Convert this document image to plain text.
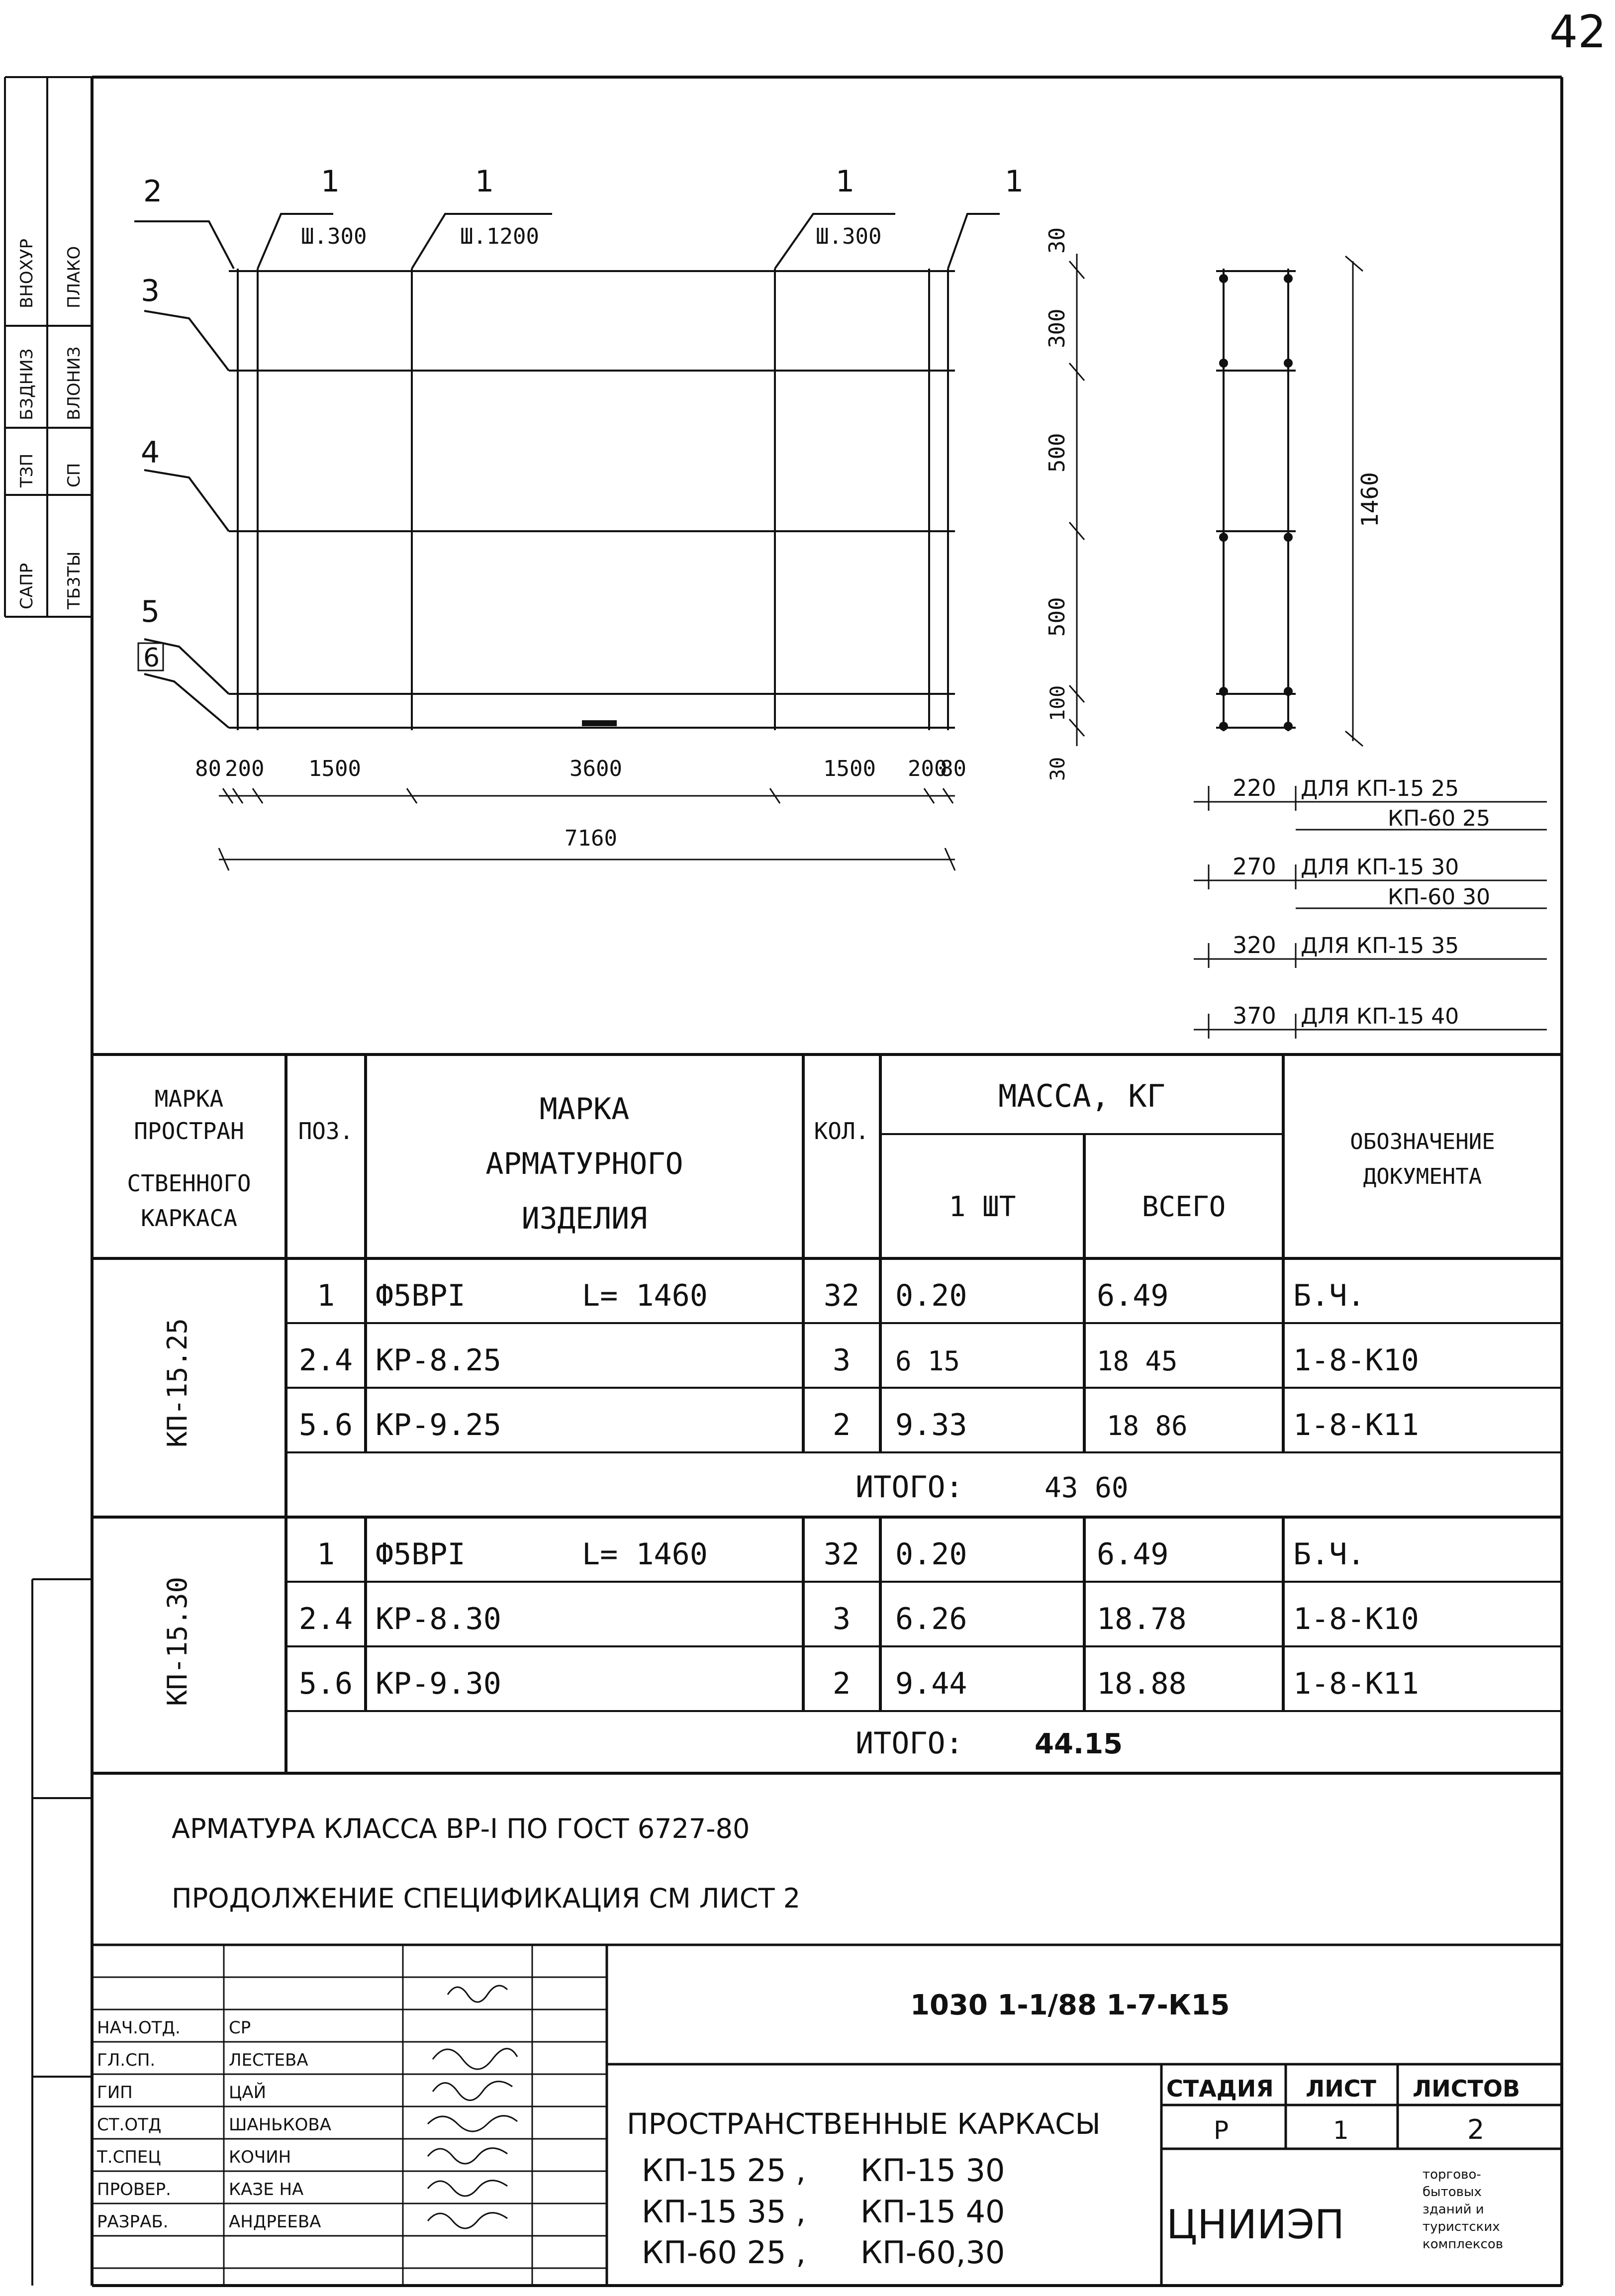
42
ВНОХУР ПЛАКО
БЗДНИЗ ВЛОНИЗ
ТЗП СП
САПР ТБ3ТЫ
2
3
4
5
6
1
Ш.300
1
Ш.1200
1
Ш.300
1
80 200 1500	3600	1500 200
80
7160
30
300
500
500
100
30
1460
220 ДЛЯ КП-15 25
КП-60 25
270 ДЛЯ КП-15 30
КП-60 30
320 ДЛЯ КП-15 35
370 ДЛЯ КП-15 40
МАРКА
ПРОСТРАН
СТВЕННОГО
КАРКАСА
ПОЗ.
МАРКА
АРМАТУРНОГО
ИЗДЕЛИЯ
КОЛ.
МАССА, КГ
1 ШТ	ВСЕГО
ОБОЗНАЧЕНИЕ
ДОКУМЕНТА
КП-15.25
1 Ф5ВРI	L= 1460	32 0.20	6.49	Б.Ч.
2.4 КР-8.25	3 6 15	18 45	1-8-К10
5.6 КР-9.25	2 9.33	18 86	1-8-К11
ИТОГО:	43 60
КП-15.30
1 Ф5ВРI	L= 1460	32 0.20	6.49	Б.Ч.
2.4 КР-8.30	3 6.26	18.78	1-8-К10
5.6 КР-9.30	2 9.44	18.88	1-8-К11
ИТОГО:	44.15
АРМАТУРА КЛАССА ВР-I ПО ГОСТ 6727-80
ПРОДОЛЖЕНИЕ СПЕЦИФИКАЦИЯ СМ ЛИСТ 2
НАЧ.ОТД.	СР
ГЛ.СП.	ЛЕСТЕВА
ГИП	ЦАЙ
СТ.ОТД	ШАНЬКОВА
Т.СПЕЦ	КОЧИН
ПРОВЕР.	КАЗЕ НА
РАЗРАБ.	АНДРЕЕВА
1030 1-1/88 1-7-К15
ПРОСТРАНСТВЕННЫЕ КАРКАСЫ
КП-15 25 , КП-15 30
КП-15 35 , КП-15 40
КП-60 25 , КП-60,30
СТАДИЯ ЛИСТ ЛИСТОВ
Р	1	2
ЦНИИЭП
торгово-
бытовых
зданий и
туристских
комплексов
